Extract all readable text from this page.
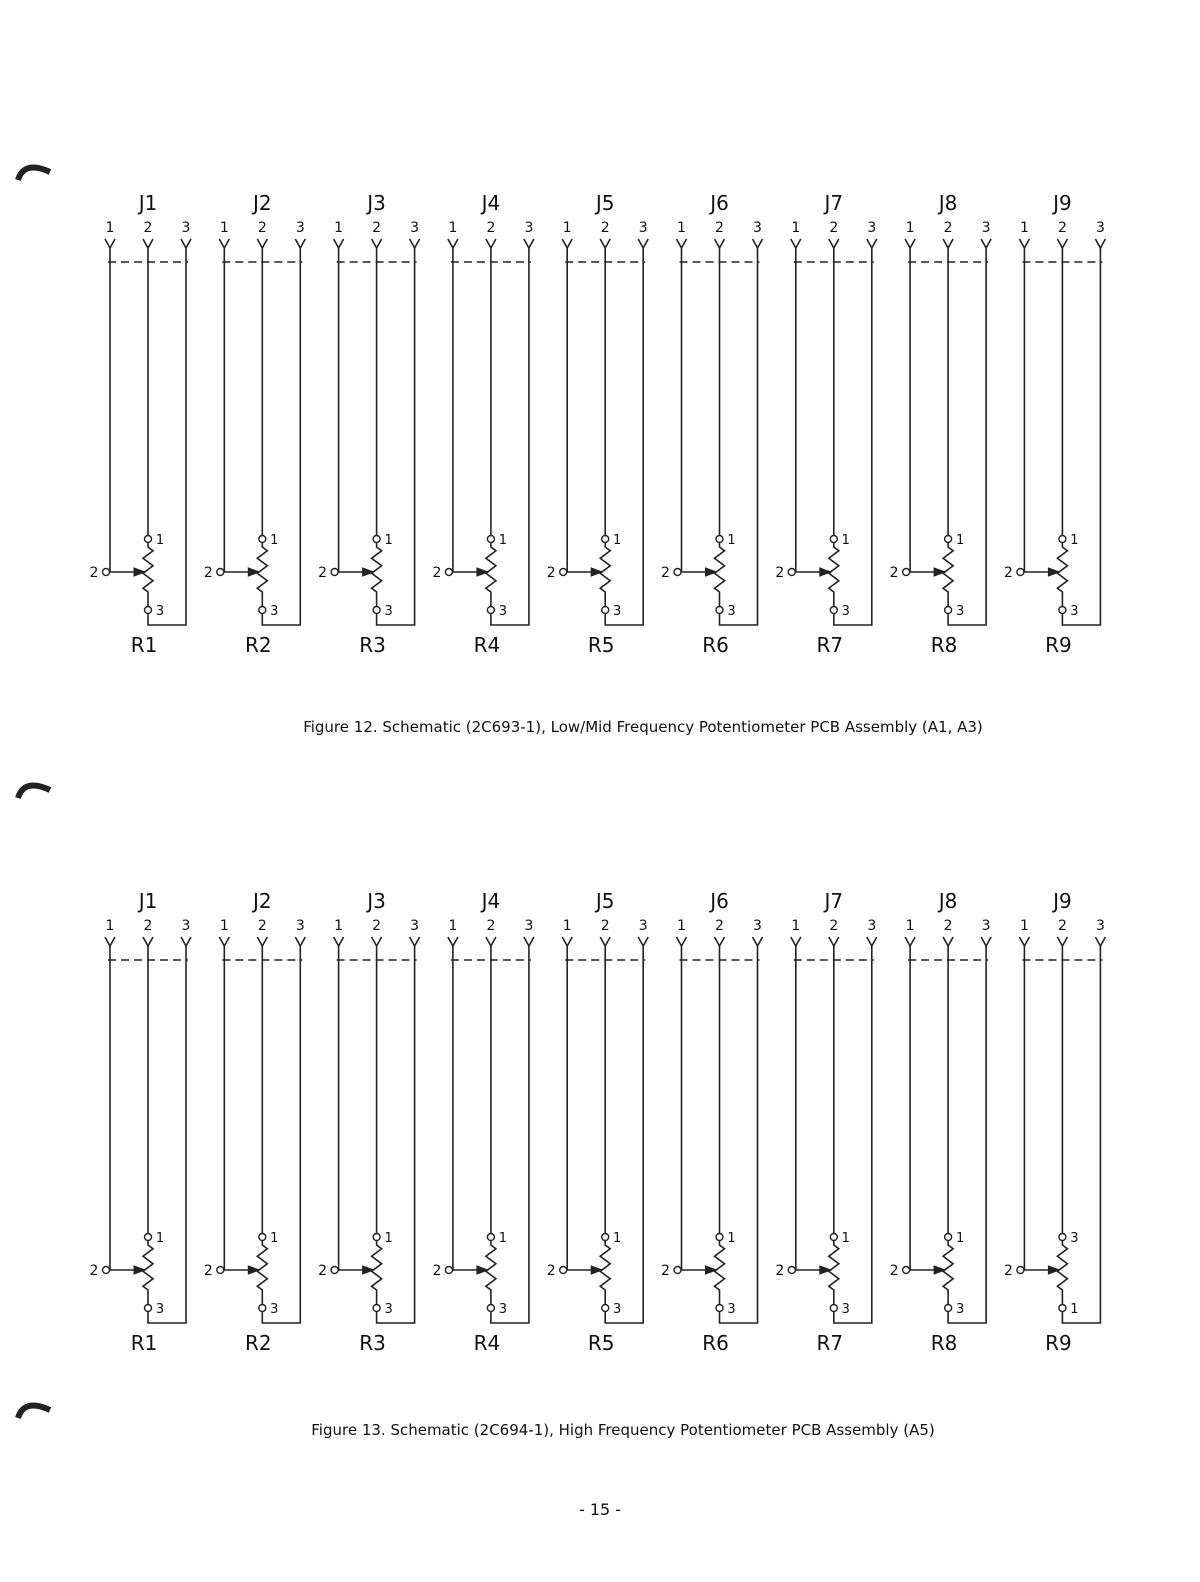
J1
1 2 3
1
3
2
R1
J2
1 2 3
1
3
2
R2
J3
1 2 3
1
3
2
R3
J4
1 2 3
1
3
2
R4
J5
1 2 3
1
3
2
R5
J6
1 2 3
1
3
2
R6
J7
1 2 3
1
3
2
R7
J8
1 2 3
1
3
2
R8
J9
1 2 3
1
3
2
R9
J1
1 2 3
1
3
2
R1
J2
1 2 3
1
3
2
R2
J3
1 2 3
1
3
2
R3
J4
1 2 3
1
3
2
R4
J5
1 2 3
1
3
2
R5
J6
1 2 3
1
3
2
R6
J7
1 2 3
1
3
2
R7
J8
1 2 3
1
3
2
R8
J9
1 2 3
3
1
2
R9
Figure 12. Schematic (2C693-1), Low/Mid Frequency Potentiometer PCB Assembly (A1, A3)
Figure 13. Schematic (2C694-1), High Frequency Potentiometer PCB Assembly (A5)
- 15 -
